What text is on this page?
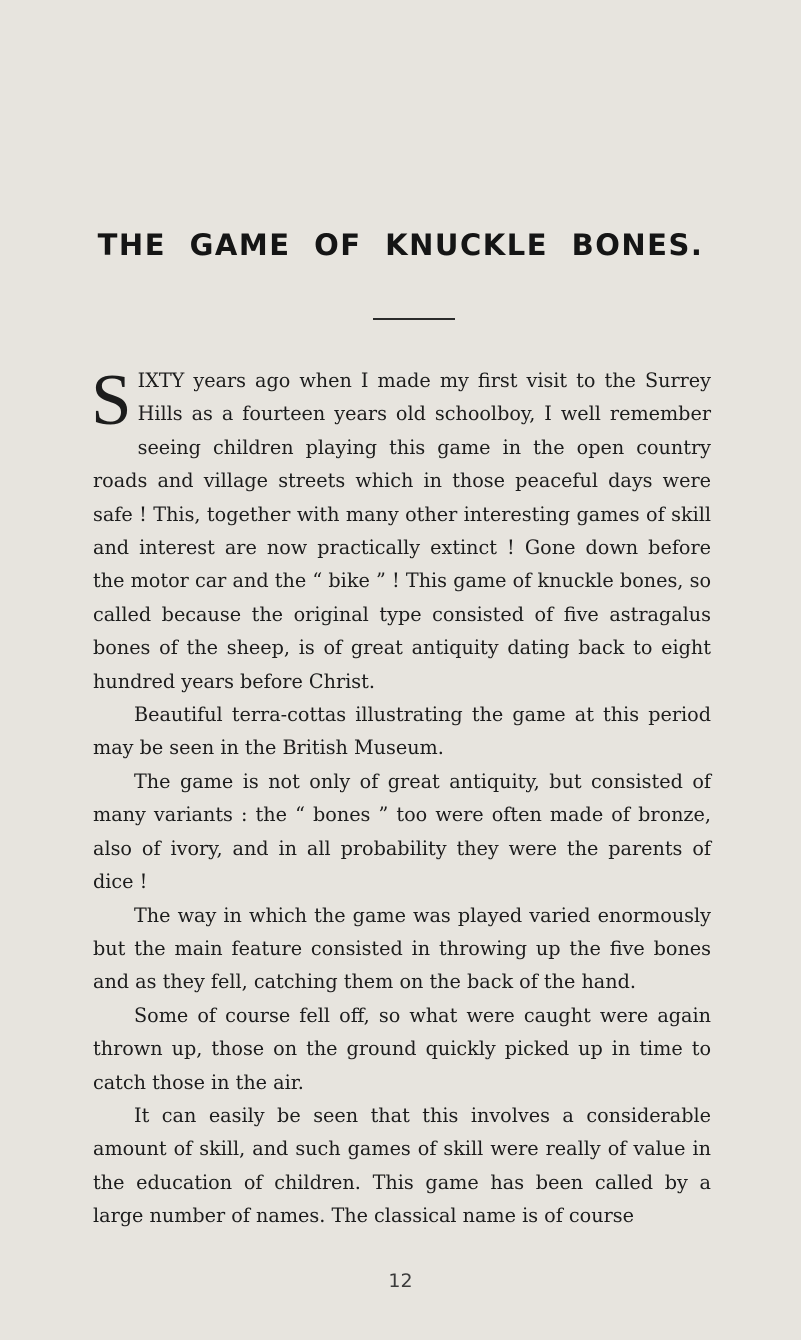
THE GAME OF KNUCKLE BONES.

SIXTY years ago when I made my first visit to the Surrey Hills as a fourteen years old schoolboy, I well remember seeing children playing this game in the open country roads and village streets which in those peaceful days were safe ! This, together with many other interesting games of skill and interest are now practically extinct ! Gone down before the motor car and the “ bike ” ! This game of knuckle bones, so called because the original type consisted of five astragalus bones of the sheep, is of great antiquity dating back to eight hundred years before Christ.

Beautiful terra-cottas illustrating the game at this period may be seen in the British Museum.

The game is not only of great antiquity, but consisted of many variants : the “ bones ” too were often made of bronze, also of ivory, and in all probability they were the parents of dice !

The way in which the game was played varied enormously but the main feature consisted in throwing up the five bones and as they fell, catching them on the back of the hand.

Some of course fell off, so what were caught were again thrown up, those on the ground quickly picked up in time to catch those in the air.

It can easily be seen that this involves a considerable amount of skill, and such games of skill were really of value in the education of children. This game has been called by a large number of names. The classical name is of course

12
